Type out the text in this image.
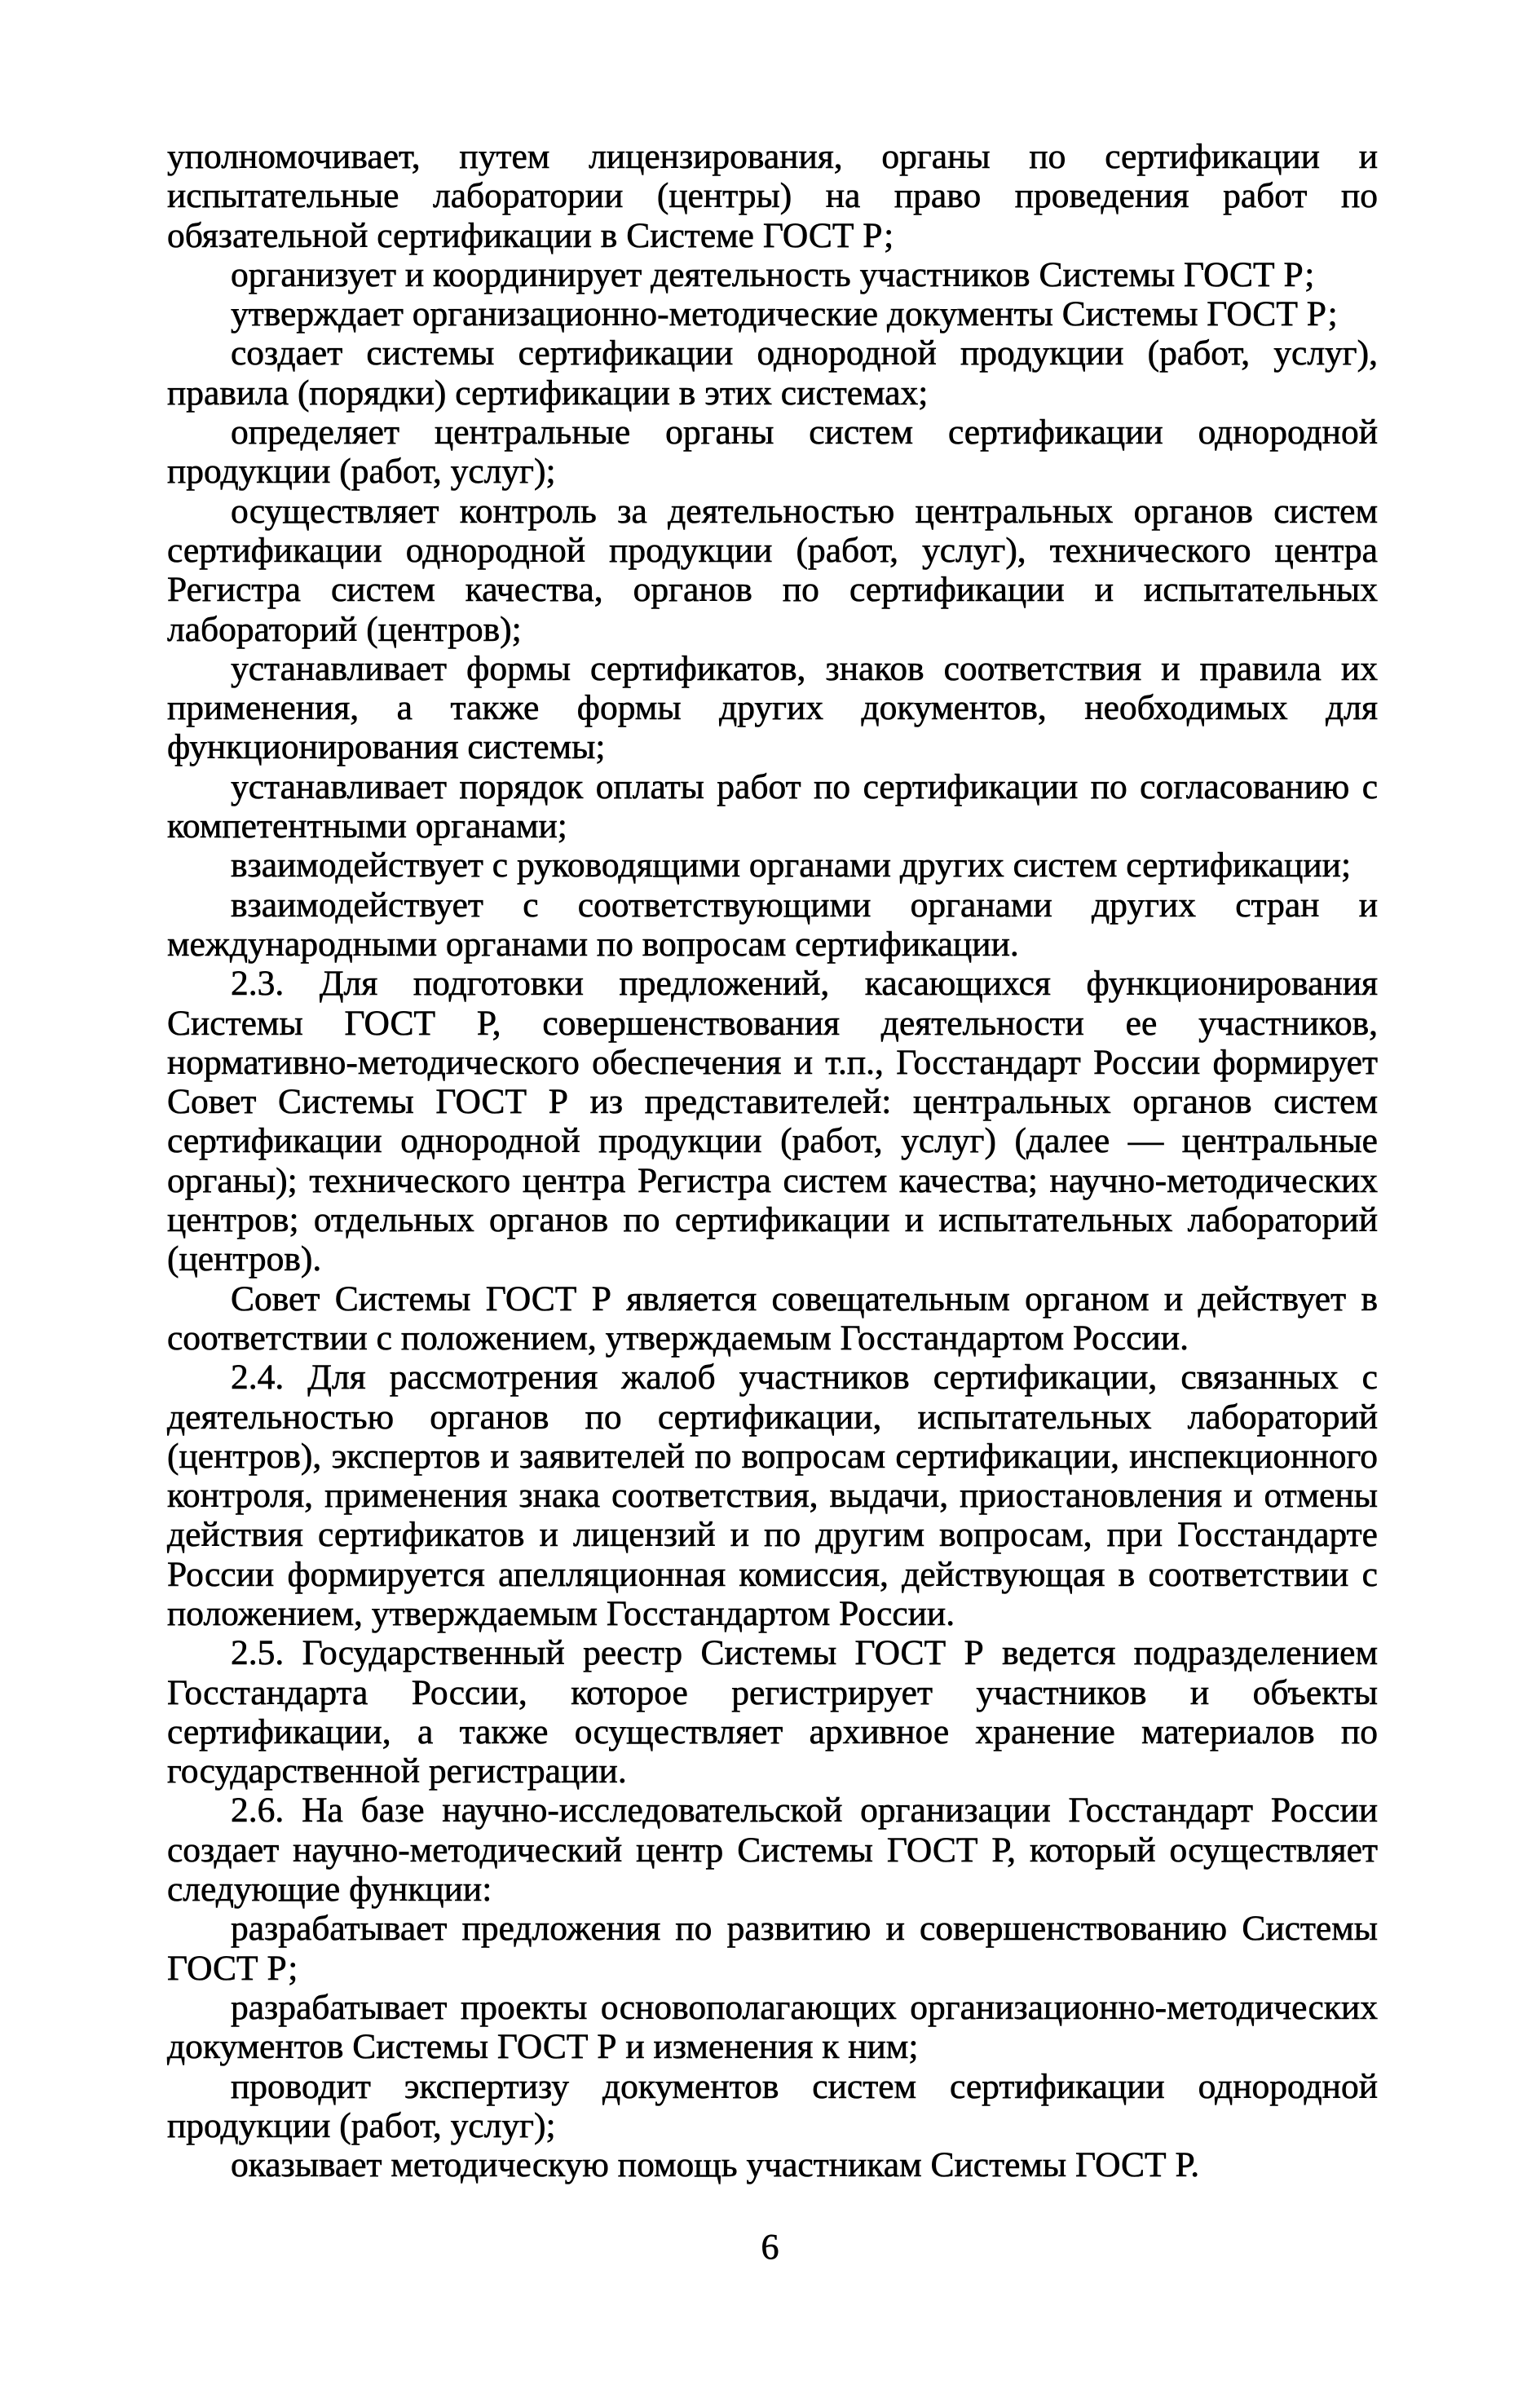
уполномочивает, путем лицензирования, органы по сертификации и испытательные лаборатории (центры) на право проведения работ по обязательной сертификации в Системе ГОСТ Р;

организует и координирует деятельность участников Системы ГОСТ Р;

утверждает организационно-методические документы Системы ГОСТ Р;

создает системы сертификации однородной продукции (работ, услуг), правила (порядки) сертификации в этих системах;

определяет центральные органы систем сертификации однородной продукции (работ, услуг);

осуществляет контроль за деятельностью центральных органов систем сертификации однородной продукции (работ, услуг), технического центра Регистра систем качества, органов по сертификации и испытательных лабораторий (центров);

устанавливает формы сертификатов, знаков соответствия и правила их применения, а также формы других документов, необходимых для функционирования системы;

устанавливает порядок оплаты работ по сертификации по согласованию с компетентными органами;

взаимодействует с руководящими органами других систем сертификации;

взаимодействует с соответствующими органами других стран и международными органами по вопросам сертификации.

2.3. Для подготовки предложений, касающихся функционирования Системы ГОСТ Р, совершенствования деятельности ее участников, нормативно-методического обеспечения и т.п., Госстандарт России формирует Совет Системы ГОСТ Р из представителей: центральных органов систем сертификации однородной продукции (работ, услуг) (далее — центральные органы); технического центра Регистра систем качества; научно-методических центров; отдельных органов по сертификации и испытательных лабораторий (центров).

Совет Системы ГОСТ Р является совещательным органом и действует в соответствии с положением, утверждаемым Госстандартом России.

2.4. Для рассмотрения жалоб участников сертификации, связанных с деятельностью органов по сертификации, испытательных лабораторий (центров), экспертов и заявителей по вопросам сертификации, инспекционного контроля, применения знака соответствия, выдачи, приостановления и отмены действия сертификатов и лицензий и по другим вопросам, при Госстандарте России формируется апелляционная комиссия, действующая в соответствии с положением, утверждаемым Госстандартом России.

2.5. Государственный реестр Системы ГОСТ Р ведется подразделением Госстандарта России, которое регистрирует участников и объекты сертификации, а также осуществляет архивное хранение материалов по государственной регистрации.

2.6. На базе научно-исследовательской организации Госстандарт России создает научно-методический центр Системы ГОСТ Р, который осуществляет следующие функции:

разрабатывает предложения по развитию и совершенствованию Системы ГОСТ Р;

разрабатывает проекты основополагающих организационно-методических документов Системы ГОСТ Р и изменения к ним;

проводит экспертизу документов систем сертификации однородной продукции (работ, услуг);

оказывает методическую помощь участникам Системы ГОСТ Р.

6
